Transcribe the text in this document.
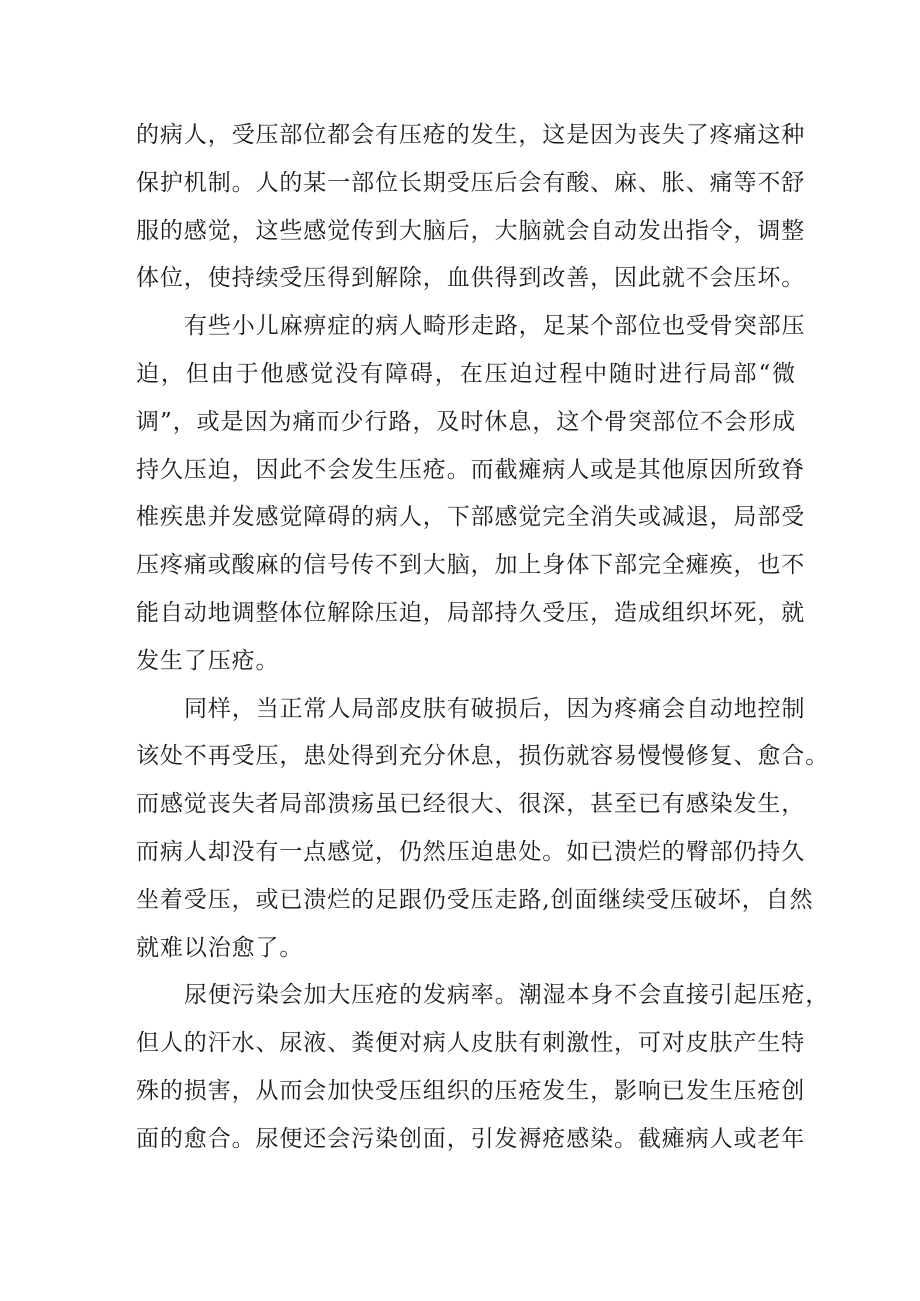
的病人，受压部位都会有压疮的发生，这是因为丧失了疼痛这种
保护机制。人的某一部位长期受压后会有酸、麻、胀、痛等不舒
服的感觉，这些感觉传到大脑后，大脑就会自动发出指令，调整
体位，使持续受压得到解除，血供得到改善，因此就不会压坏。
有些小儿麻痹症的病人畸形走路，足某个部位也受骨突部压
迫，但由于他感觉没有障碍，在压迫过程中随时进行局部“微
调”，或是因为痛而少行路，及时休息，这个骨突部位不会形成
持久压迫，因此不会发生压疮。而截瘫病人或是其他原因所致脊
椎疾患并发感觉障碍的病人，下部感觉完全消失或减退，局部受
压疼痛或酸麻的信号传不到大脑，加上身体下部完全瘫痪，也不
能自动地调整体位解除压迫，局部持久受压，造成组织坏死，就
发生了压疮。
同样，当正常人局部皮肤有破损后，因为疼痛会自动地控制
该处不再受压，患处得到充分休息，损伤就容易慢慢修复、愈合。
而感觉丧失者局部溃疡虽已经很大、很深，甚至已有感染发生，
而病人却没有一点感觉，仍然压迫患处。如已溃烂的臀部仍持久
坐着受压，或已溃烂的足跟仍受压走路,创面继续受压破坏，自然
就难以治愈了。
尿便污染会加大压疮的发病率。潮湿本身不会直接引起压疮，
但人的汗水、尿液、粪便对病人皮肤有刺激性，可对皮肤产生特
殊的损害，从而会加快受压组织的压疮发生，影响已发生压疮创
面的愈合。尿便还会污染创面，引发褥疮感染。截瘫病人或老年
